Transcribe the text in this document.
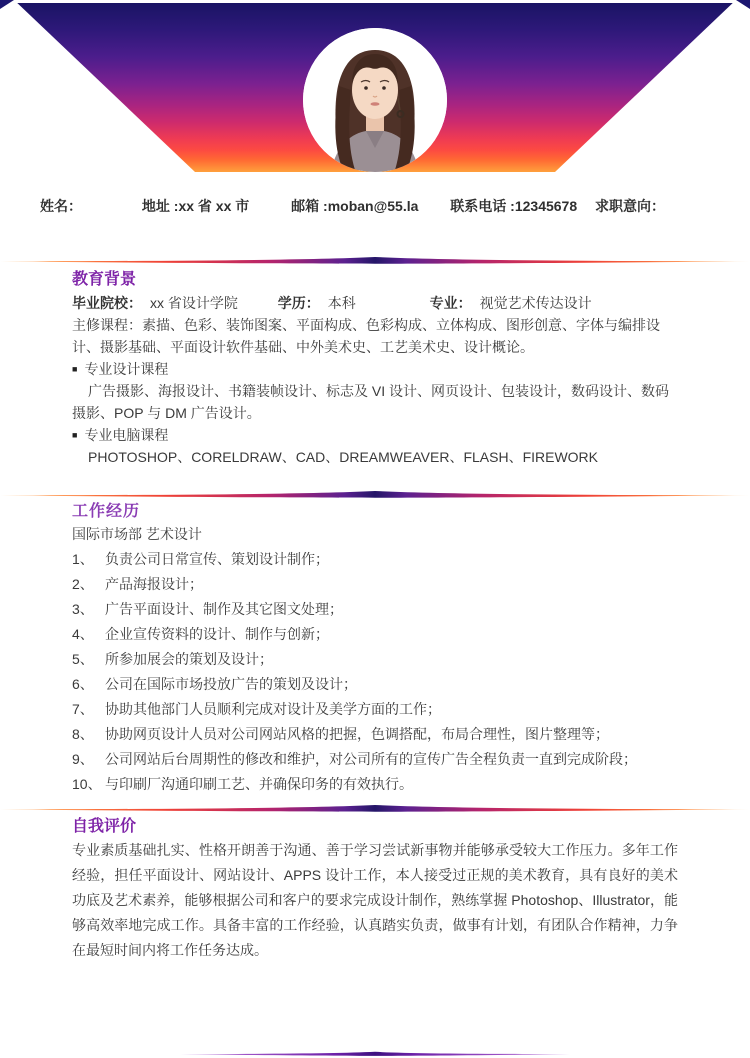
姓名：	地址 :xx 省 xx 市	邮箱 :moban@55.la 联系电话 :12345678 求职意向：
教育背景
毕业院校： xx 省设计学院	学历： 本科	专业： 视觉艺术传达设计

主修课程：素描、色彩、装饰图案、平面构成、色彩构成、立体构成、图形创意、字体与编排设计、摄影基础、平面设计软件基础、中外美术史、工艺美术史、设计概论。

■ 专业设计课程

广告摄影、海报设计、书籍装帧设计、标志及 VI 设计、网页设计、包装设计，数码设计、数码摄影、POP 与 DM 广告设计。

■ 专业电脑课程

PHOTOSHOP、CORELDRAW、CAD、DREAMWEAVER、FLASH、FIREWORK

工作经历
国际市场部 艺术设计
1、 负责公司日常宣传、策划设计制作；
2、 产品海报设计；
3、 广告平面设计、制作及其它图文处理；
4、 企业宣传资料的设计、制作与创新；
5、 所参加展会的策划及设计；
6、 公司在国际市场投放广告的策划及设计；
7、 协助其他部门人员顺利完成对设计及美学方面的工作；
8、 协助网页设计人员对公司网站风格的把握，色调搭配，布局合理性，图片整理等；
9、 公司网站后台周期性的修改和维护，对公司所有的宣传广告全程负责一直到完成阶段；
10、 与印刷厂沟通印刷工艺、并确保印务的有效执行。
自我评价

专业素质基础扎实、性格开朗善于沟通、善于学习尝试新事物并能够承受较大工作压力。多年工作经验，担任平面设计、网站设计、APPS 设计工作，本人接受过正规的美术教育，具有良好的美术功底及艺术素养，能够根据公司和客户的要求完成设计制作，熟练掌握 Photoshop、Illustrator，能够高效率地完成工作。具备丰富的工作经验，认真踏实负责，做事有计划，有团队合作精神，力争在最短时间内将工作任务达成。
